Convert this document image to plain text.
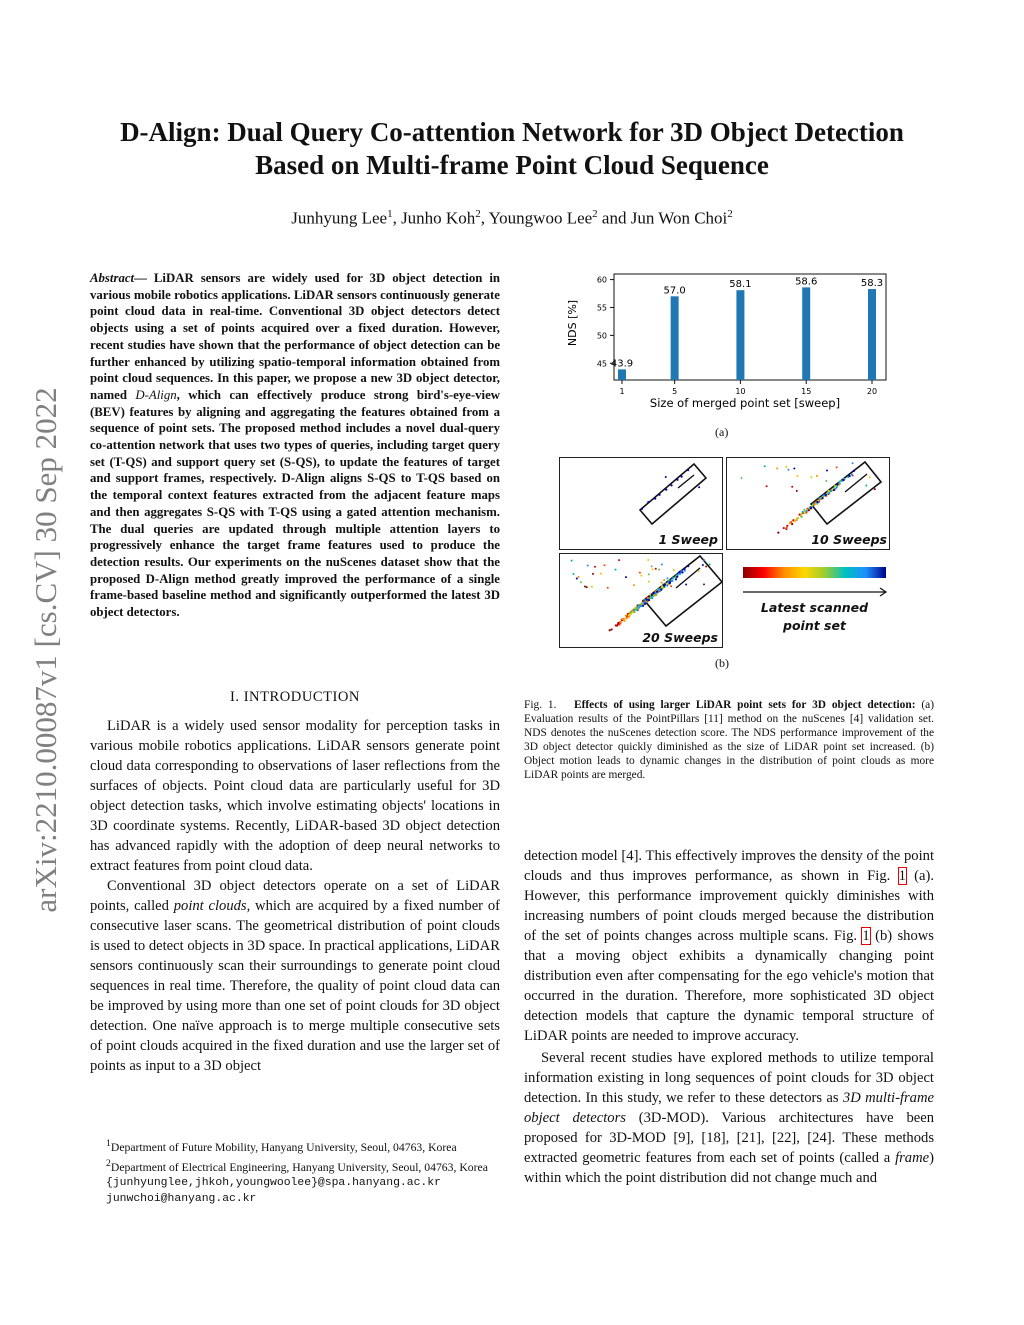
D-Align: Dual Query Co-attention Network for 3D Object Detection
Based on Multi-frame Point Cloud Sequence
Junhyung Lee$^1$, Junho Koh$^2$, Youngwoo Lee$^2$ and Jun Won Choi$^2$
arXiv:2210.00087v1 [cs.CV] 30 Sep 2022
Abstract— LiDAR sensors are widely used for 3D object detection in various mobile robotics applications. LiDAR sensors continuously generate point cloud data in real-time. Conventional 3D object detectors detect objects using a set of points acquired over a fixed duration. However, recent studies have shown that the performance of object detection can be further enhanced by utilizing spatio-temporal information obtained from point cloud sequences. In this paper, we propose a new 3D object detector, named D-Align, which can effectively produce strong bird's-eye-view (BEV) features by aligning and aggregating the features obtained from a sequence of point sets. The proposed method includes a novel dual-query co-attention network that uses two types of queries, including target query set (T-QS) and support query set (S-QS), to update the features of target and support frames, respectively. D-Align aligns S-QS to T-QS based on the temporal context features extracted from the adjacent feature maps and then aggregates S-QS with T-QS using a gated attention mechanism. The dual queries are updated through multiple attention layers to progressively enhance the target frame features used to produce the detection results. Our experiments on the nuScenes dataset show that the proposed D-Align method greatly improved the performance of a single frame-based baseline method and significantly outperformed the latest 3D object detectors.
I. INTRODUCTION

LiDAR is a widely used sensor modality for perception tasks in various mobile robotics applications. LiDAR sensors generate point cloud data corresponding to observations of laser reflections from the surfaces of objects. Point cloud data are particularly useful for 3D object detection tasks, which involve estimating objects' locations in 3D coordinate systems. Recently, LiDAR-based 3D object detection has advanced rapidly with the adoption of deep neural networks to extract features from point cloud data.

Conventional 3D object detectors operate on a set of LiDAR points, called point clouds, which are acquired by a fixed number of consecutive laser scans. The geometrical distribution of point clouds is used to detect objects in 3D space. In practical applications, LiDAR sensors continuously scan their surroundings to generate point cloud sequences in real time. Therefore, the quality of point cloud data can be improved by using more than one set of point clouds for 3D object detection. One naïve approach is to merge multiple consecutive sets of point clouds acquired in the fixed duration and use the larger set of points as input to a 3D object

$^1$Department of Future Mobility, Hanyang University, Seoul, 04763, Korea

$^2$Department of Electrical Engineering, Hanyang University, Seoul, 04763, Korea

{junhyunglee,jhkoh,youngwoolee}@spa.hanyang.ac.kr

junwchoi@hanyang.ac.kr

45
50
55
60
1	5	10	15	20
43.9
57.0
58.1	58.6	58.3
NDS [%]
Size of merged point set [sweep]
(a)
1 Sweep	10 Sweeps
20 Sweeps
Latest scanned
point set
(b)
Fig. 1. Effects of using larger LiDAR point sets for 3D object detection: (a) Evaluation results of the PointPillars [11] method on the nuScenes [4] validation set. NDS denotes the nuScenes detection score. The NDS performance improvement of the 3D object detector quickly diminished as the size of LiDAR point set increased. (b) Object motion leads to dynamic changes in the distribution of point clouds as more LiDAR points are merged.

detection model [4]. This effectively improves the density of the point clouds and thus improves performance, as shown in Fig. 1 (a). However, this performance improvement quickly diminishes with increasing numbers of point clouds merged because the distribution of the set of points changes across multiple scans. Fig. 1 (b) shows that a moving object exhibits a dynamically changing point distribution even after compensating for the ego vehicle's motion that occurred in the duration. Therefore, more sophisticated 3D object detection models that capture the dynamic temporal structure of LiDAR points are needed to improve accuracy.

Several recent studies have explored methods to utilize temporal information existing in long sequences of point clouds for 3D object detection. In this study, we refer to these detectors as 3D multi-frame object detectors (3D-MOD). Various architectures have been proposed for 3D-MOD [9], [18], [21], [22], [24]. These methods extracted geometric features from each set of points (called a frame) within which the point distribution did not change much and
